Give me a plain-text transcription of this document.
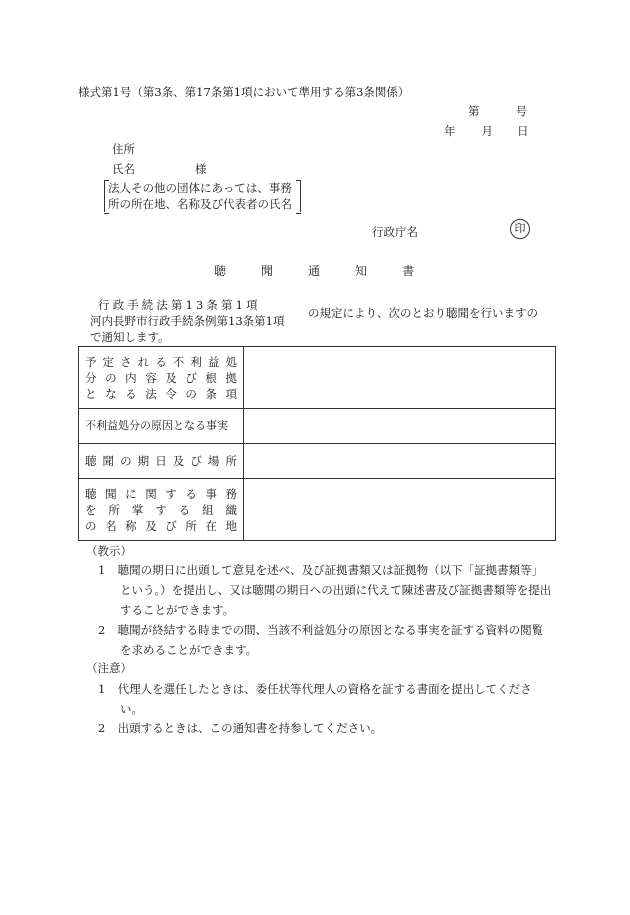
様式第1号（第3条、第17条第1項において準用する第3条関係）
第	号
年 月 日
住所
氏名	様
法人その他の団体にあっては、事務
所の所在地、名称及び代表者の氏名
行政庁名	印
聴	聞	通	知	書
行政手続法第13条第1項
河内長野市行政手続条例第13条第1項
の規定により、次のとおり聴聞を行いますの
で通知します。
予定される不利益処
分の内容及び根拠
となる法令の条項	

不利益処分の原因となる事実	

聴聞の期日及び場所	

聴聞に関する事務
を所掌する組織
の名称及び所在地	

（教示）
1 聴聞の期日に出頭して意見を述べ、及び証拠書類又は証拠物（以下「証拠書類等」
という。）を提出し、又は聴聞の期日への出頭に代えて陳述書及び証拠書類等を提出
することができます。
2 聴聞が終結する時までの間、当該不利益処分の原因となる事実を証する資料の閲覧
を求めることができます。
（注意）
1 代理人を選任したときは、委任状等代理人の資格を証する書面を提出してくださ
い。
2 出頭するときは、この通知書を持参してください。
